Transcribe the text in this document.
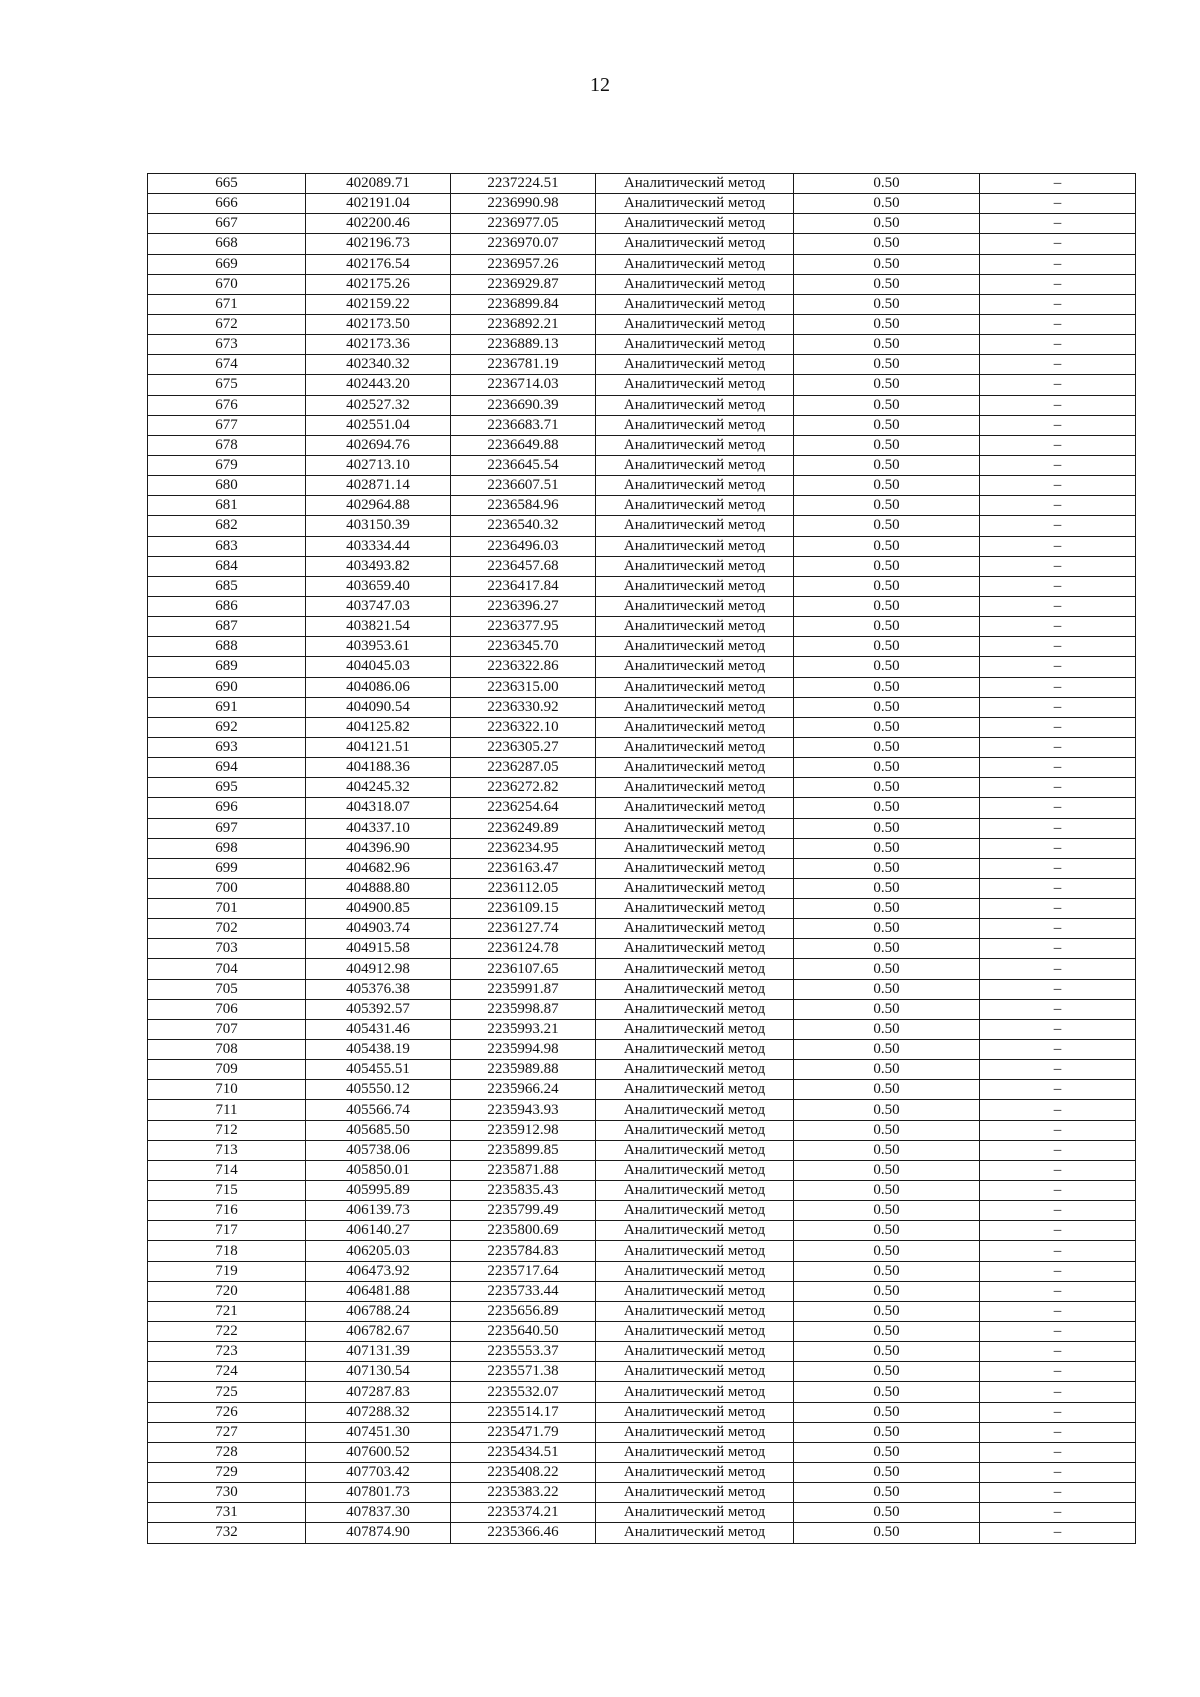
12
665	402089.71	2237224.51	Аналитический метод	0.50	–
666	402191.04	2236990.98	Аналитический метод	0.50	–
667	402200.46	2236977.05	Аналитический метод	0.50	–
668	402196.73	2236970.07	Аналитический метод	0.50	–
669	402176.54	2236957.26	Аналитический метод	0.50	–
670	402175.26	2236929.87	Аналитический метод	0.50	–
671	402159.22	2236899.84	Аналитический метод	0.50	–
672	402173.50	2236892.21	Аналитический метод	0.50	–
673	402173.36	2236889.13	Аналитический метод	0.50	–
674	402340.32	2236781.19	Аналитический метод	0.50	–
675	402443.20	2236714.03	Аналитический метод	0.50	–
676	402527.32	2236690.39	Аналитический метод	0.50	–
677	402551.04	2236683.71	Аналитический метод	0.50	–
678	402694.76	2236649.88	Аналитический метод	0.50	–
679	402713.10	2236645.54	Аналитический метод	0.50	–
680	402871.14	2236607.51	Аналитический метод	0.50	–
681	402964.88	2236584.96	Аналитический метод	0.50	–
682	403150.39	2236540.32	Аналитический метод	0.50	–
683	403334.44	2236496.03	Аналитический метод	0.50	–
684	403493.82	2236457.68	Аналитический метод	0.50	–
685	403659.40	2236417.84	Аналитический метод	0.50	–
686	403747.03	2236396.27	Аналитический метод	0.50	–
687	403821.54	2236377.95	Аналитический метод	0.50	–
688	403953.61	2236345.70	Аналитический метод	0.50	–
689	404045.03	2236322.86	Аналитический метод	0.50	–
690	404086.06	2236315.00	Аналитический метод	0.50	–
691	404090.54	2236330.92	Аналитический метод	0.50	–
692	404125.82	2236322.10	Аналитический метод	0.50	–
693	404121.51	2236305.27	Аналитический метод	0.50	–
694	404188.36	2236287.05	Аналитический метод	0.50	–
695	404245.32	2236272.82	Аналитический метод	0.50	–
696	404318.07	2236254.64	Аналитический метод	0.50	–
697	404337.10	2236249.89	Аналитический метод	0.50	–
698	404396.90	2236234.95	Аналитический метод	0.50	–
699	404682.96	2236163.47	Аналитический метод	0.50	–
700	404888.80	2236112.05	Аналитический метод	0.50	–
701	404900.85	2236109.15	Аналитический метод	0.50	–
702	404903.74	2236127.74	Аналитический метод	0.50	–
703	404915.58	2236124.78	Аналитический метод	0.50	–
704	404912.98	2236107.65	Аналитический метод	0.50	–
705	405376.38	2235991.87	Аналитический метод	0.50	–
706	405392.57	2235998.87	Аналитический метод	0.50	–
707	405431.46	2235993.21	Аналитический метод	0.50	–
708	405438.19	2235994.98	Аналитический метод	0.50	–
709	405455.51	2235989.88	Аналитический метод	0.50	–
710	405550.12	2235966.24	Аналитический метод	0.50	–
711	405566.74	2235943.93	Аналитический метод	0.50	–
712	405685.50	2235912.98	Аналитический метод	0.50	–
713	405738.06	2235899.85	Аналитический метод	0.50	–
714	405850.01	2235871.88	Аналитический метод	0.50	–
715	405995.89	2235835.43	Аналитический метод	0.50	–
716	406139.73	2235799.49	Аналитический метод	0.50	–
717	406140.27	2235800.69	Аналитический метод	0.50	–
718	406205.03	2235784.83	Аналитический метод	0.50	–
719	406473.92	2235717.64	Аналитический метод	0.50	–
720	406481.88	2235733.44	Аналитический метод	0.50	–
721	406788.24	2235656.89	Аналитический метод	0.50	–
722	406782.67	2235640.50	Аналитический метод	0.50	–
723	407131.39	2235553.37	Аналитический метод	0.50	–
724	407130.54	2235571.38	Аналитический метод	0.50	–
725	407287.83	2235532.07	Аналитический метод	0.50	–
726	407288.32	2235514.17	Аналитический метод	0.50	–
727	407451.30	2235471.79	Аналитический метод	0.50	–
728	407600.52	2235434.51	Аналитический метод	0.50	–
729	407703.42	2235408.22	Аналитический метод	0.50	–
730	407801.73	2235383.22	Аналитический метод	0.50	–
731	407837.30	2235374.21	Аналитический метод	0.50	–
732	407874.90	2235366.46	Аналитический метод	0.50	–
